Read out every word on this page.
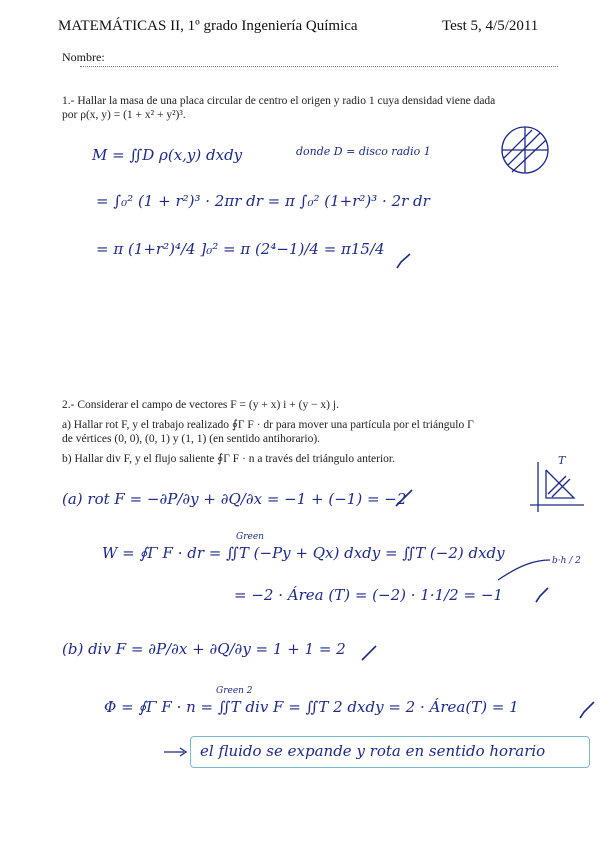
MATEMÁTICAS II, 1º grado Ingeniería Química	Test 5, 4/5/2011
Nombre:
1.- Hallar la masa de una placa circular de centro el origen y radio 1 cuya densidad viene dada
por ρ(x, y) = (1 + x² + y²)³.
M = ∬D ρ(x,y) dxdy	donde D = disco radio 1
= ∫₀² (1 + r²)³ · 2πr dr = π ∫₀² (1+r²)³ · 2r dr
= π (1+r²)⁴/4 ]₀² = π (2⁴−1)/4 = π15/4
2.- Considerar el campo de vectores F = (y + x) i + (y − x) j.
a) Hallar rot F, y el trabajo realizado ∮Γ F · dr para mover una partícula por el triángulo Γ
de vértices (0, 0), (0, 1) y (1, 1) (en sentido antihorario).
b) Hallar div F, y el flujo saliente ∮Γ F · n a través del triángulo anterior.
(a) rot F = −∂P/∂y + ∂Q/∂x = −1 + (−1) = −2
Green
W = ∮Γ F · dr = ∬T (−Py + Qx) dxdy = ∬T (−2) dxdy	b·h / 2
= −2 · Área (T) = (−2) · 1·1/2 = −1
(b) div F = ∂P/∂x + ∂Q/∂y = 1 + 1 = 2
Green 2
Φ = ∮Γ F · n = ∬T div F = ∬T 2 dxdy = 2 · Área(T) = 1
el fluido se expande y rota en sentido horario
T
